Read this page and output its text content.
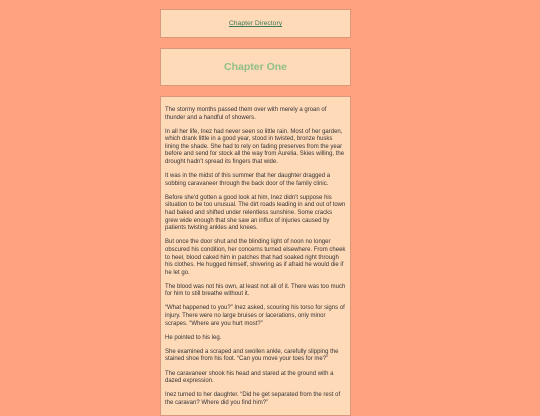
Chapter Directory
Chapter One

The stormy months passed them over with merely a groan of thunder and a handful of showers.

In all her life, Inez had never seen so little rain. Most of her garden, which drank little in a good year, stood in twisted, bronze husks lining the shade. She had to rely on fading preserves from the year before and send for stock all the way from Aurelia. Skies willing, the drought hadn't spread its fingers that wide.

It was in the midst of this summer that her daughter dragged a sobbing caravaneer through the back door of the family clinic.

Before she'd gotten a good look at him, Inez didn't suppose his situation to be too unusual. The dirt roads leading in and out of town had baked and shifted under relentless sunshine. Some cracks grew wide enough that she saw an influx of injuries caused by patients twisting ankles and knees.

But once the door shut and the blinding light of noon no longer obscured his condition, her concerns turned elsewhere. From cheek to heel, blood caked him in patches that had soaked right through his clothes. He hugged himself, shivering as if afraid he would die if he let go.

The blood was not his own, at least not all of it. There was too much for him to still breathe without it.

“What happened to you?” Inez asked, scouring his torso for signs of injury. There were no large bruises or lacerations, only minor scrapes. “Where are you hurt most?”

He pointed to his leg.

She examined a scraped and swollen ankle, carefully slipping the stained shoe from his foot. “Can you move your toes for me?”

The caravaneer shook his head and stared at the ground with a dazed expression.

Inez turned to her daughter. “Did he get separated from the rest of the caravan? Where did you find him?”
